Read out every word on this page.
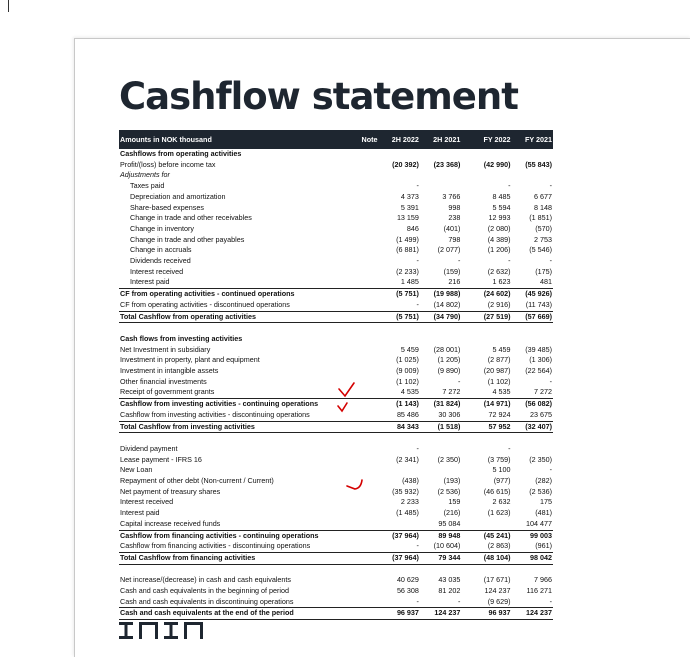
Cashflow statement
Amounts in NOK thousand	Note	2H 2022	2H 2021		FY 2022	FY 2021
Cashflows from operating activities						
Profit/(loss) before income tax		(20 392)	(23 368)		(42 990)	(55 843)
Adjustments for						
Taxes paid		-			-	-
Depreciation and amortization		4 373	3 766		8 485	6 677
Share-based expenses		5 391	998		5 594	8 148
Change in trade and other receivables		13 159	238		12 993	(1 851)
Change in inventory		846	(401)		(2 080)	(570)
Change in trade and other payables		(1 499)	798		(4 389)	2 753
Change in accruals		(6 881)	(2 077)		(1 206)	(5 546)
Dividends received		-	-		-	-
Interest received		(2 233)	(159)		(2 632)	(175)
Interest paid		1 485	216		1 623	481
CF from operating activities - continued operations		(5 751)	(19 988)		(24 602)	(45 926)
CF from operating activities - discontinued operations		-	(14 802)		(2 916)	(11 743)
Total Cashflow from operating activities		(5 751)	(34 790)		(27 519)	(57 669)

Cash flows from investing activities						
Net Investment in subsidiary		5 459	(28 001)		5 459	(39 485)
Investment in property, plant and equipment		(1 025)	(1 205)		(2 877)	(1 306)
Investment in intangible assets		(9 009)	(9 890)		(20 987)	(22 564)
Other financial investments		(1 102)	-		(1 102)	-
Receipt of government grants		4 535	7 272		4 535	7 272
Cashflow from investing activities - continuing operations		(1 143)	(31 824)		(14 971)	(56 082)
Cashflow from investing activities - discontinuing operations		85 486	30 306		72 924	23 675
Total Cashflow from investing activities		84 343	(1 518)		57 952	(32 407)

Dividend payment		-			-	
Lease payment - IFRS 16		(2 341)	(2 350)		(3 759)	(2 350)
New Loan					5 100	-
Repayment of other debt (Non-current / Current)		(438)	(193)		(977)	(282)
Net payment of treasury shares		(35 932)	(2 536)		(46 615)	(2 536)
Interest received		2 233	159		2 632	175
Interest paid		(1 485)	(216)		(1 623)	(481)
Capital increase received funds			95 084			104 477
Cashflow from financing activities - continuing operations		(37 964)	89 948		(45 241)	99 003
Cashflow from financing activities - discontinuing operations		-	(10 604)		(2 863)	(961)
Total Cashflow from financing activities		(37 964)	79 344		(48 104)	98 042

Net increase/(decrease) in cash and cash equivalents		40 629	43 035		(17 671)	7 966
Cash and cash equivalents in the beginning of period		56 308	81 202		124 237	116 271
Cash and cash equivalents in discontinuing operations		-	-		(9 629)	-
Cash and cash equivalents at the end of the period		96 937	124 237		96 937	124 237
